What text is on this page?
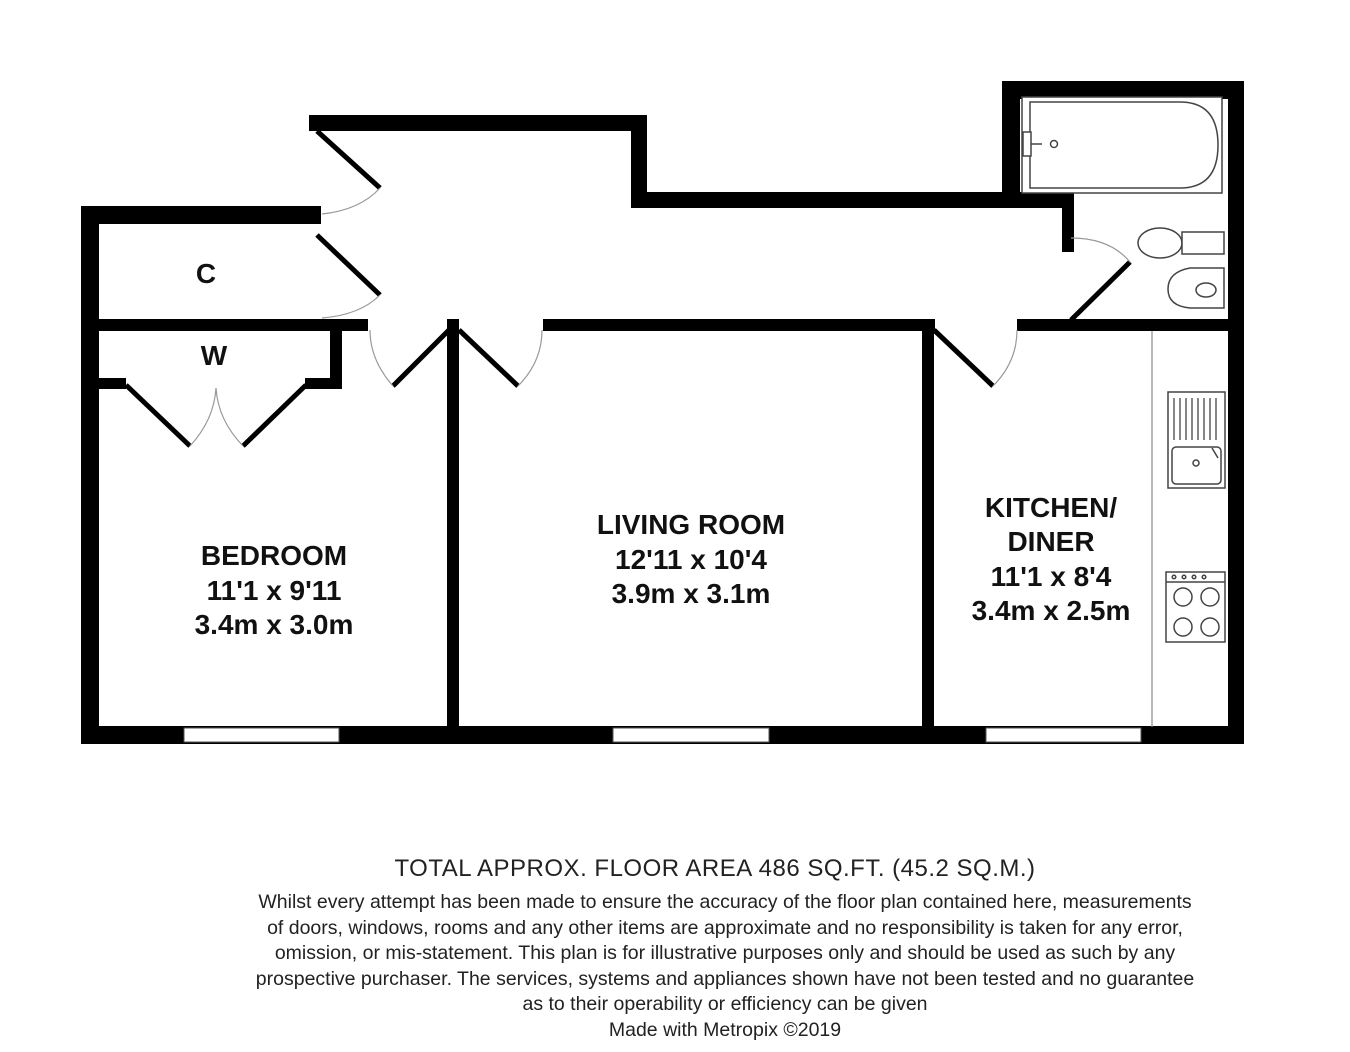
C
W
BEDROOM
11'1 x 9'11
3.4m x 3.0m
LIVING ROOM
12'11 x 10'4
3.9m x 3.1m
KITCHEN/
DINER
11'1 x 8'4
3.4m x 2.5m
TOTAL APPROX. FLOOR AREA 486 SQ.FT. (45.2 SQ.M.)
Whilst every attempt has been made to ensure the accuracy of the floor plan contained here, measurements
of doors, windows, rooms and any other items are approximate and no responsibility is taken for any error,
omission, or mis-statement. This plan is for illustrative purposes only and should be used as such by any
prospective purchaser. The services, systems and appliances shown have not been tested and no guarantee
as to their operability or efficiency can be given
Made with Metropix ©2019
